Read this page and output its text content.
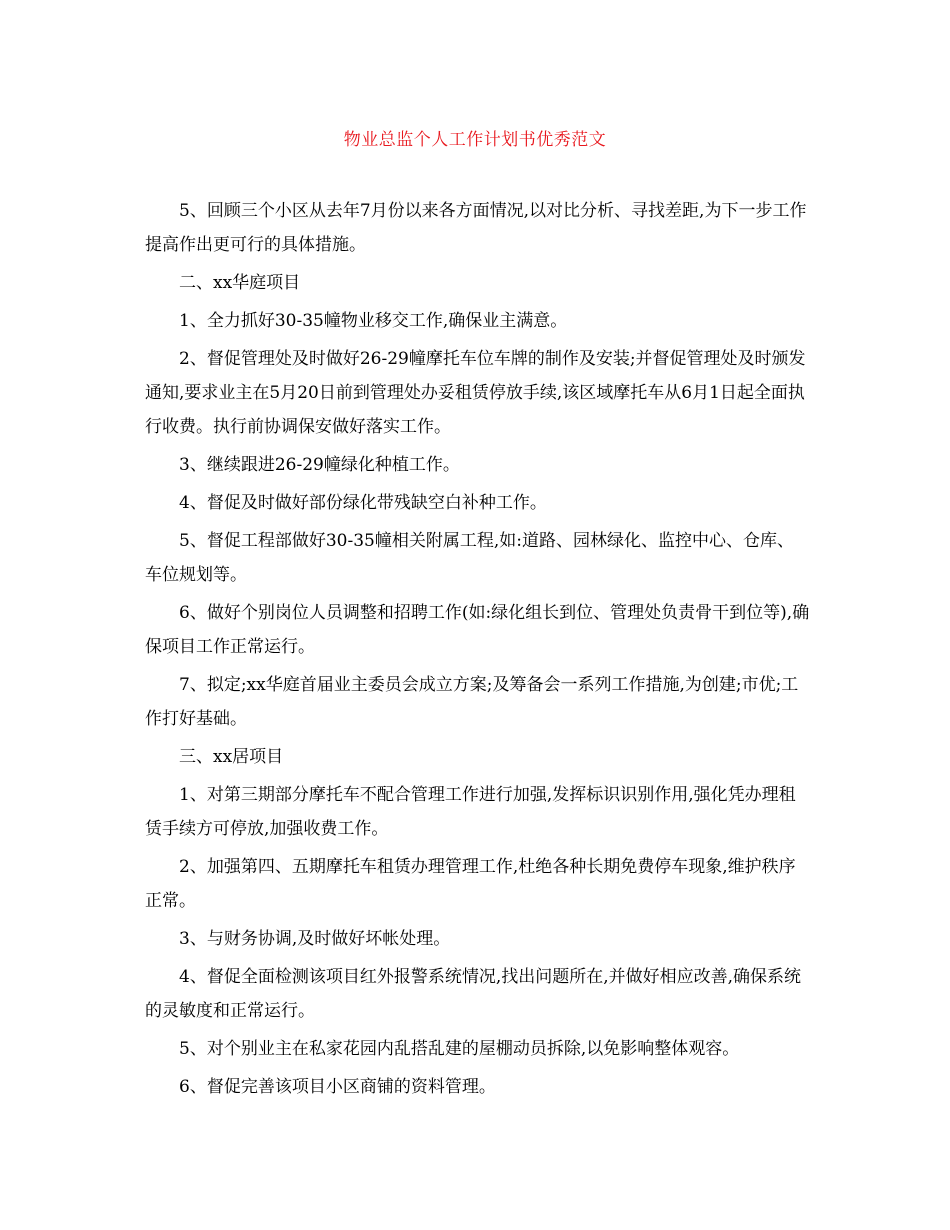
物业总监个人工作计划书优秀范文

5、回顾三个小区从去年7月份以来各方面情况,以对比分析、寻找差距,为下一步工作提高作出更可行的具体措施。

二、xx华庭项目

1、全力抓好30-35幢物业移交工作,确保业主满意。

2、督促管理处及时做好26-29幢摩托车位车牌的制作及安装;并督促管理处及时颁发通知,要求业主在5月20日前到管理处办妥租赁停放手续,该区域摩托车从6月1日起全面执行收费。执行前协调保安做好落实工作。

3、继续跟进26-29幢绿化种植工作。

4、督促及时做好部份绿化带残缺空白补种工作。

5、督促工程部做好30-35幢相关附属工程,如:道路、园林绿化、监控中心、仓库、车位规划等。

6、做好个别岗位人员调整和招聘工作(如:绿化组长到位、管理处负责骨干到位等),确保项目工作正常运行。

7、拟定;xx华庭首届业主委员会成立方案;及筹备会一系列工作措施,为创建;市优;工作打好基础。

三、xx居项目

1、对第三期部分摩托车不配合管理工作进行加强,发挥标识识别作用,强化凭办理租赁手续方可停放,加强收费工作。

2、加强第四、五期摩托车租赁办理管理工作,杜绝各种长期免费停车现象,维护秩序正常。

3、与财务协调,及时做好坏帐处理。

4、督促全面检测该项目红外报警系统情况,找出问题所在,并做好相应改善,确保系统的灵敏度和正常运行。

5、对个别业主在私家花园内乱搭乱建的屋棚动员拆除,以免影响整体观容。

6、督促完善该项目小区商铺的资料管理。
